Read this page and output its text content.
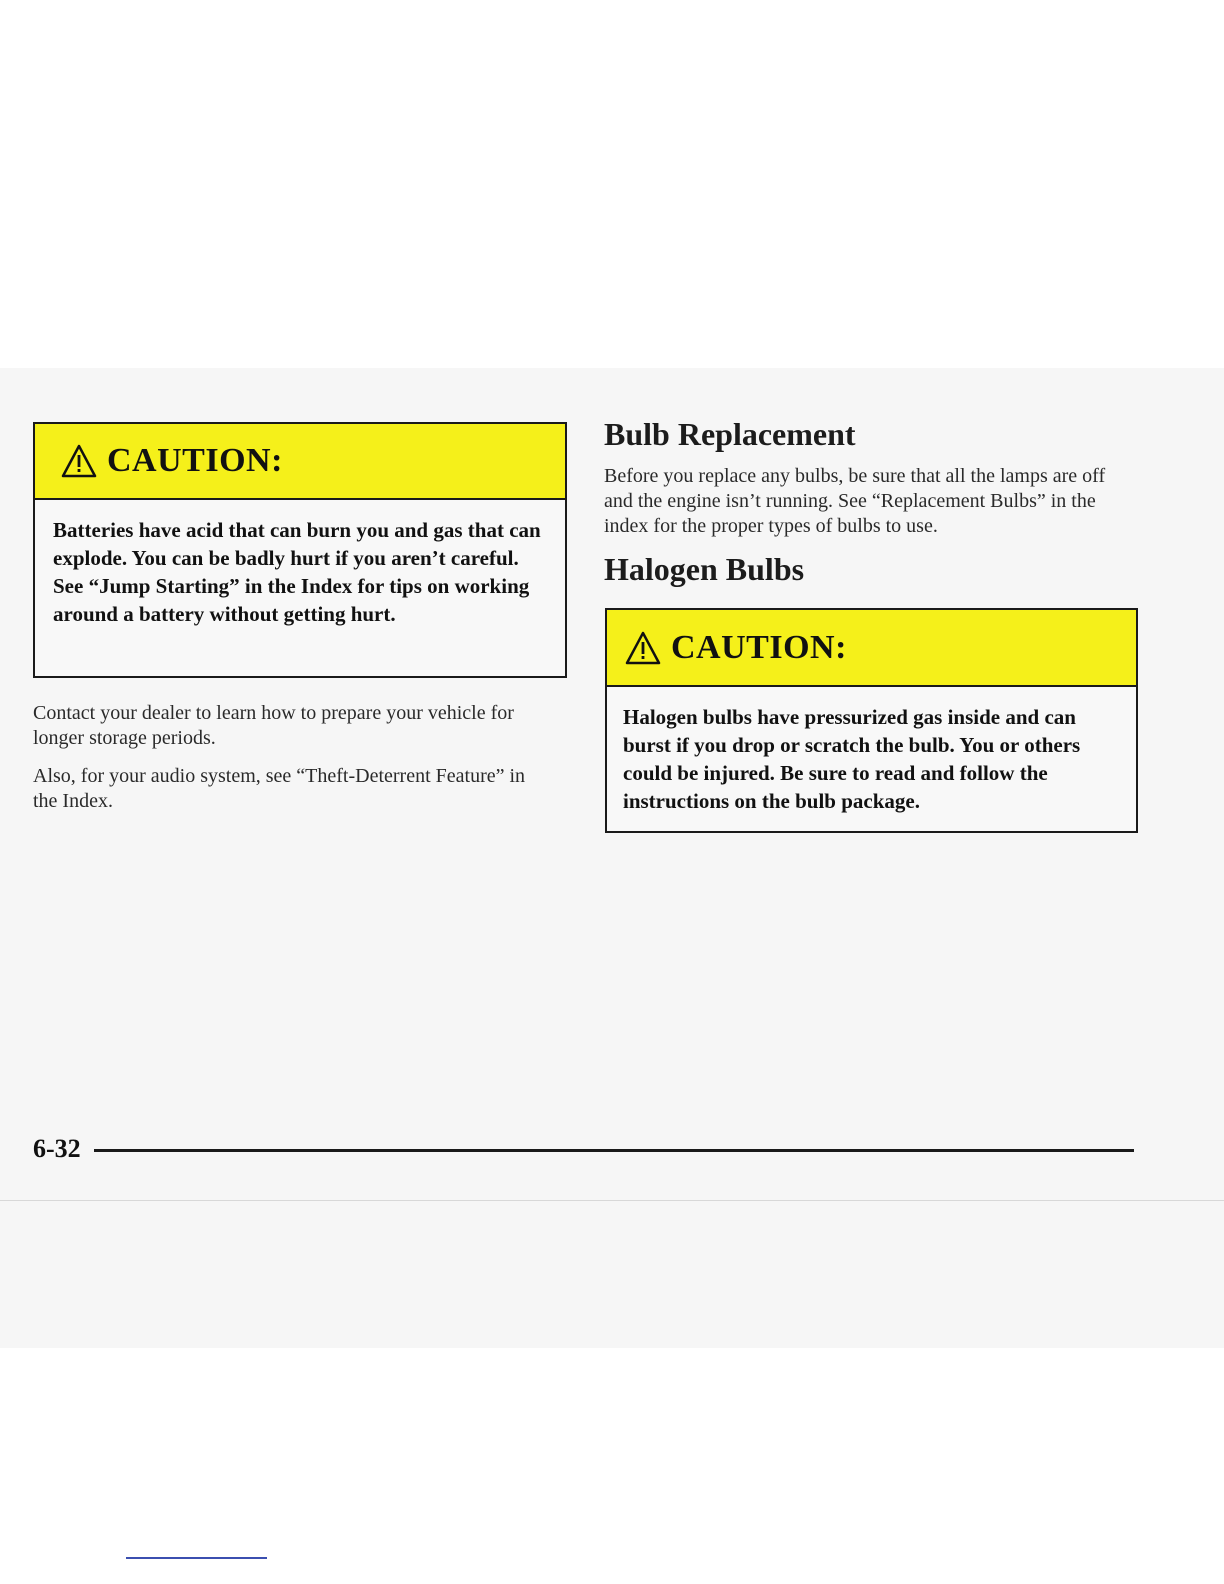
CAUTION:
Batteries have acid that can burn you and gas that can explode. You can be badly hurt if you aren’t careful. See “Jump Starting” in the Index for tips on working around a battery without getting hurt.

Contact your dealer to learn how to prepare your vehicle for longer storage periods.

Also, for your audio system, see “Theft-Deterrent Feature” in the Index.

Bulb Replacement

Before you replace any bulbs, be sure that all the lamps are off and the engine isn’t running. See “Replacement Bulbs” in the index for the proper types of bulbs to use.

Halogen Bulbs
CAUTION:
Halogen bulbs have pressurized gas inside and can burst if you drop or scratch the bulb. You or others could be injured. Be sure to read and follow the instructions on the bulb package.
6-32
